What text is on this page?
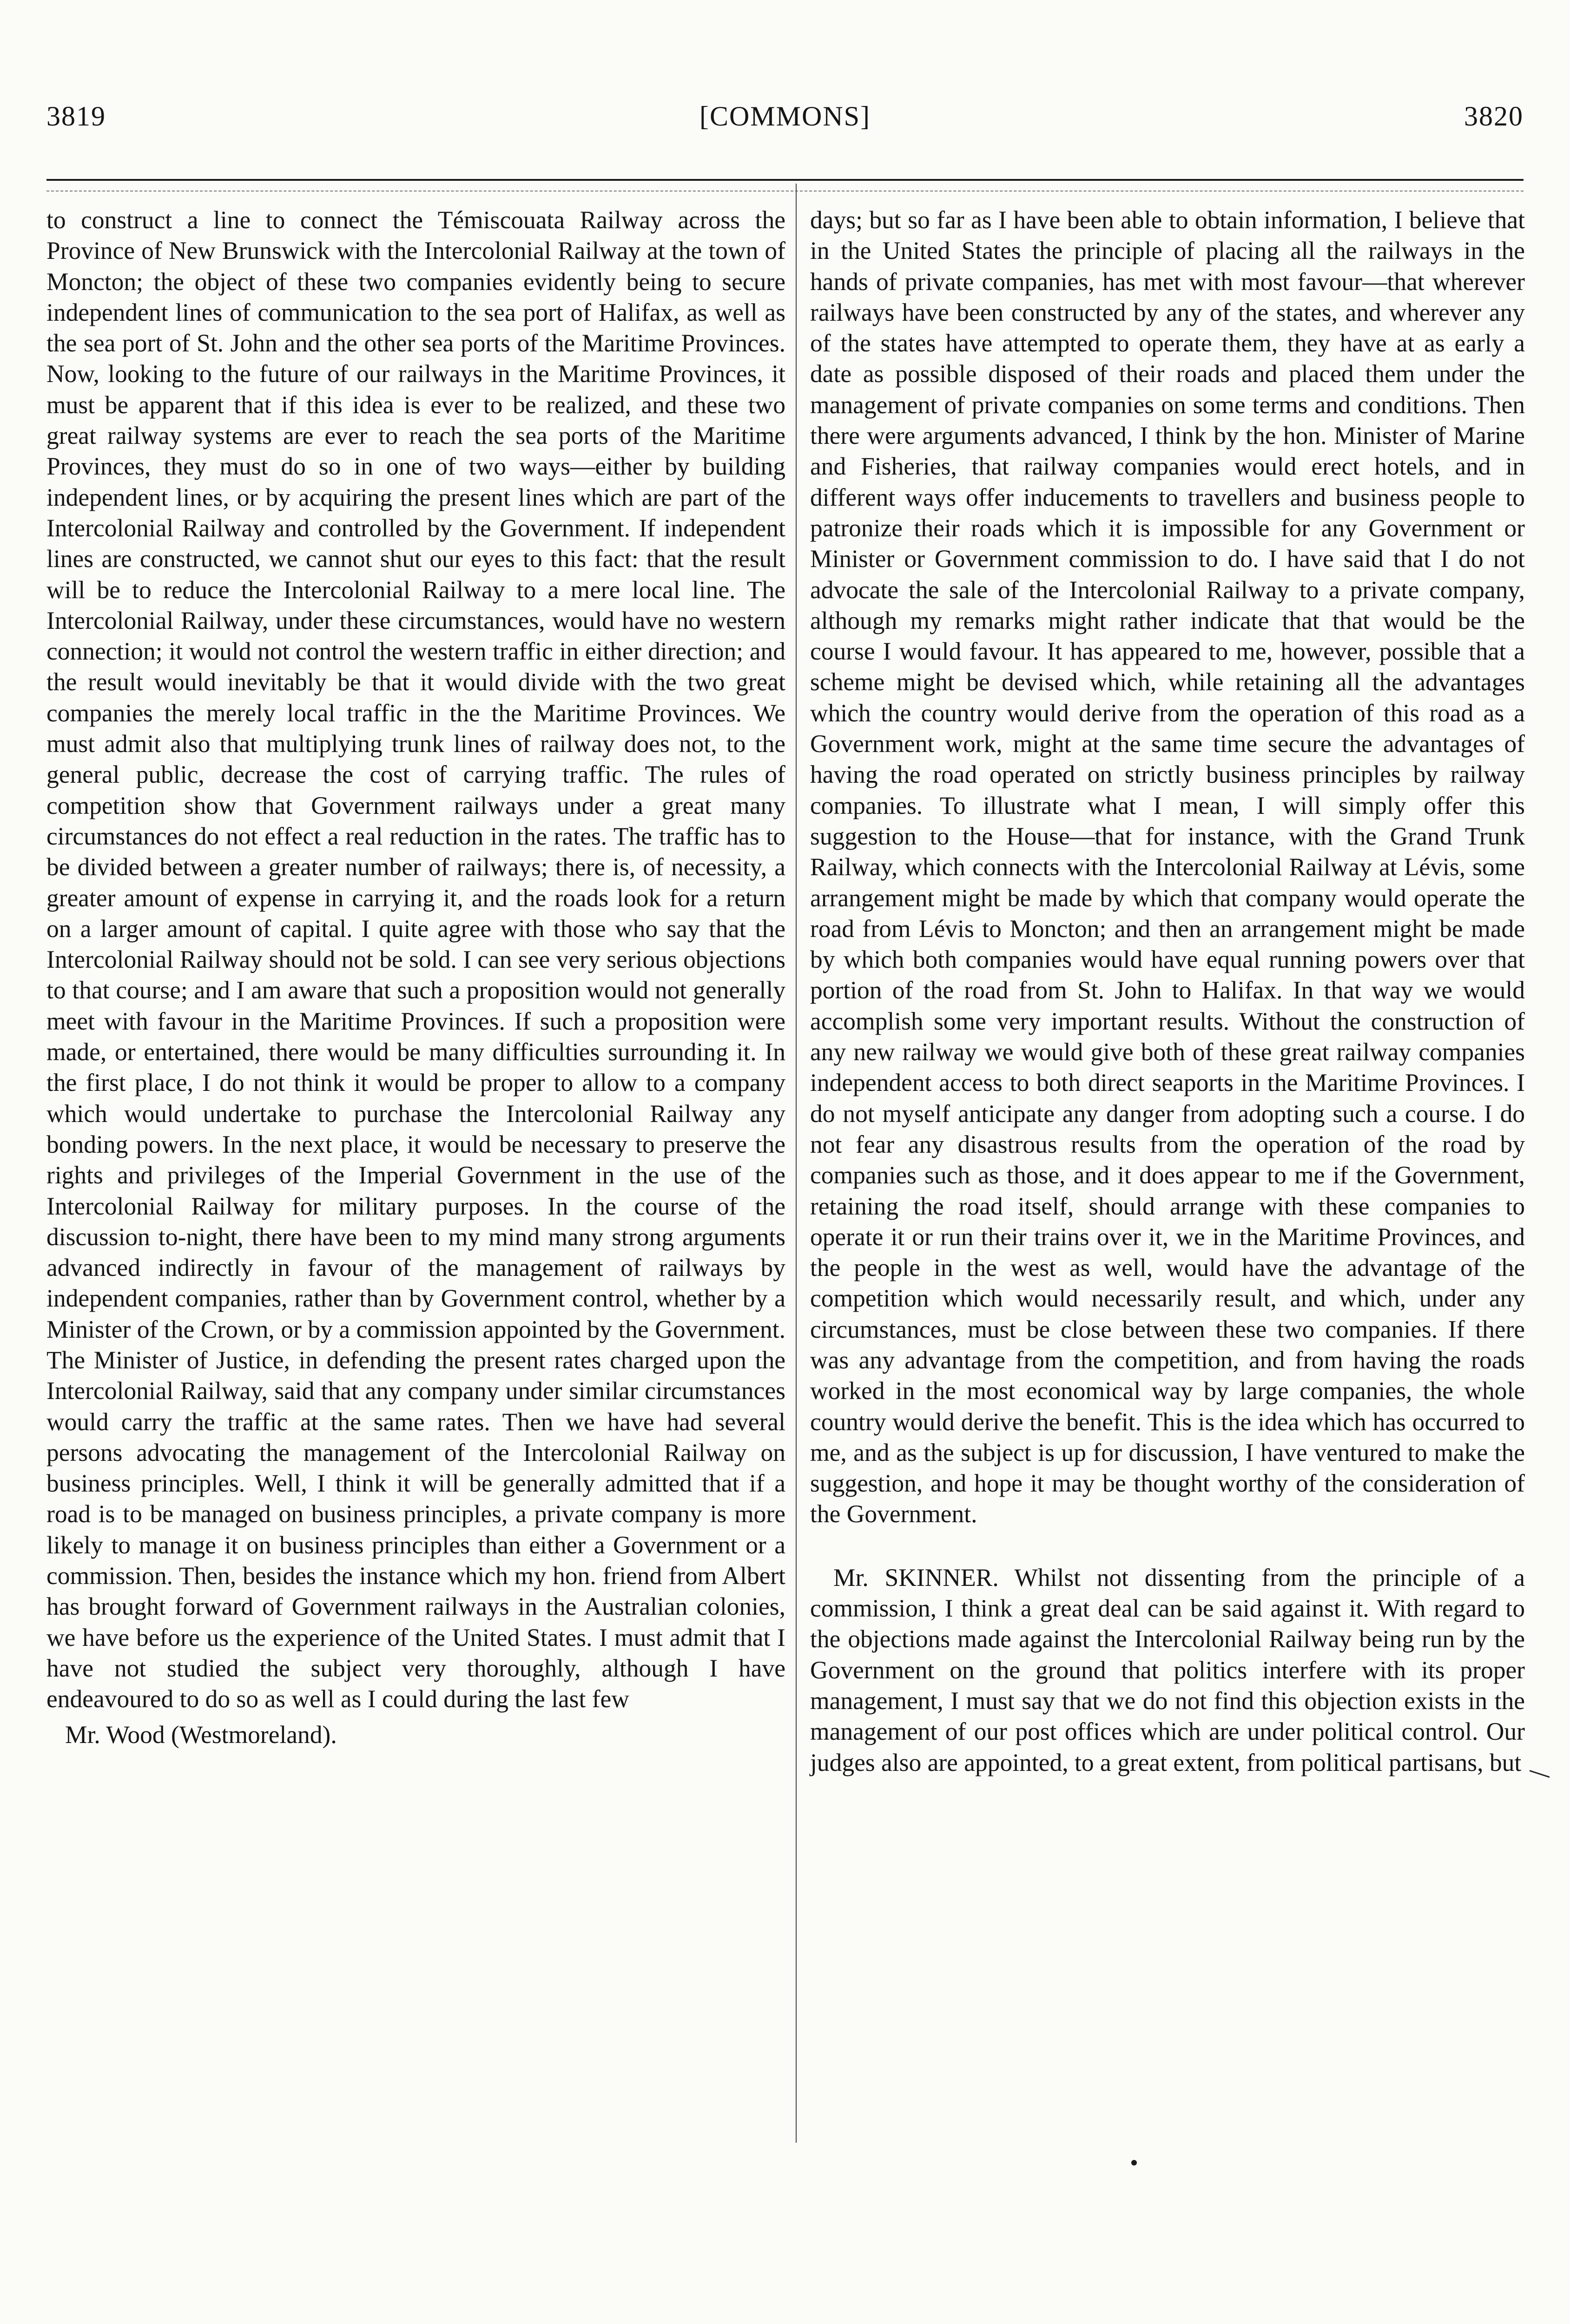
3819	[COMMONS]	3820

to construct a line to connect the Témiscouata Railway across the Province of New Brunswick with the Intercolonial Railway at the town of Moncton; the object of these two companies evidently being to secure independent lines of communication to the sea port of Halifax, as well as the sea port of St. John and the other sea ports of the Maritime Provinces. Now, looking to the future of our railways in the Maritime Provinces, it must be apparent that if this idea is ever to be realized, and these two great railway systems are ever to reach the sea ports of the Maritime Provinces, they must do so in one of two ways—either by building independent lines, or by acquiring the present lines which are part of the Intercolonial Railway and controlled by the Government. If independent lines are constructed, we cannot shut our eyes to this fact: that the result will be to reduce the Intercolonial Railway to a mere local line. The Intercolonial Railway, under these circumstances, would have no western connection; it would not control the western traffic in either direction; and the result would inevitably be that it would divide with the two great companies the merely local traffic in the the Maritime Provinces. We must admit also that multiplying trunk lines of railway does not, to the general public, decrease the cost of carrying traffic. The rules of competition show that Government railways under a great many circumstances do not effect a real reduction in the rates. The traffic has to be divided between a greater number of railways; there is, of necessity, a greater amount of expense in carrying it, and the roads look for a return on a larger amount of capital. I quite agree with those who say that the Intercolonial Railway should not be sold. I can see very serious objections to that course; and I am aware that such a proposition would not generally meet with favour in the Maritime Provinces. If such a proposition were made, or entertained, there would be many difficulties surrounding it. In the first place, I do not think it would be proper to allow to a company which would undertake to purchase the Intercolonial Railway any bonding powers. In the next place, it would be necessary to preserve the rights and privileges of the Imperial Government in the use of the Intercolonial Railway for military purposes. In the course of the discussion to-night, there have been to my mind many strong arguments advanced indirectly in favour of the management of railways by independent companies, rather than by Government control, whether by a Minister of the Crown, or by a commission appointed by the Government. The Minister of Justice, in defending the present rates charged upon the Intercolonial Railway, said that any company under similar circumstances would carry the traffic at the same rates. Then we have had several persons advocating the management of the Intercolonial Railway on business principles. Well, I think it will be generally admitted that if a road is to be managed on business principles, a private company is more likely to manage it on business principles than either a Government or a commission. Then, besides the instance which my hon. friend from Albert has brought forward of Government railways in the Australian colonies, we have before us the experience of the United States. I must admit that I have not studied the subject very thoroughly, although I have endeavoured to do so as well as I could during the last few

Mr. Wood (Westmoreland).

days; but so far as I have been able to obtain information, I believe that in the United States the principle of placing all the railways in the hands of private companies, has met with most favour—that wherever railways have been constructed by any of the states, and wherever any of the states have attempted to operate them, they have at as early a date as possible disposed of their roads and placed them under the management of private companies on some terms and conditions. Then there were arguments advanced, I think by the hon. Minister of Marine and Fisheries, that railway companies would erect hotels, and in different ways offer inducements to travellers and business people to patronize their roads which it is impossible for any Government or Minister or Government commission to do. I have said that I do not advocate the sale of the Intercolonial Railway to a private company, although my remarks might rather indicate that that would be the course I would favour. It has appeared to me, however, possible that a scheme might be devised which, while retaining all the advantages which the country would derive from the operation of this road as a Government work, might at the same time secure the advantages of having the road operated on strictly business principles by railway companies. To illustrate what I mean, I will simply offer this suggestion to the House—that for instance, with the Grand Trunk Railway, which connects with the Intercolonial Railway at Lévis, some arrangement might be made by which that company would operate the road from Lévis to Moncton; and then an arrangement might be made by which both companies would have equal running powers over that portion of the road from St. John to Halifax. In that way we would accomplish some very important results. Without the construction of any new railway we would give both of these great railway companies independent access to both direct seaports in the Maritime Provinces. I do not myself anticipate any danger from adopting such a course. I do not fear any disastrous results from the operation of the road by companies such as those, and it does appear to me if the Government, retaining the road itself, should arrange with these companies to operate it or run their trains over it, we in the Maritime Provinces, and the people in the west as well, would have the advantage of the competition which would necessarily result, and which, under any circumstances, must be close between these two companies. If there was any advantage from the competition, and from having the roads worked in the most economical way by large companies, the whole country would derive the benefit. This is the idea which has occurred to me, and as the subject is up for discussion, I have ventured to make the suggestion, and hope it may be thought worthy of the consideration of the Government.

Mr. SKINNER. Whilst not dissenting from the principle of a commission, I think a great deal can be said against it. With regard to the objections made against the Intercolonial Railway being run by the Government on the ground that politics interfere with its proper management, I must say that we do not find this objection exists in the management of our post offices which are under political control. Our judges also are appointed, to a great extent, from political partisans, but
